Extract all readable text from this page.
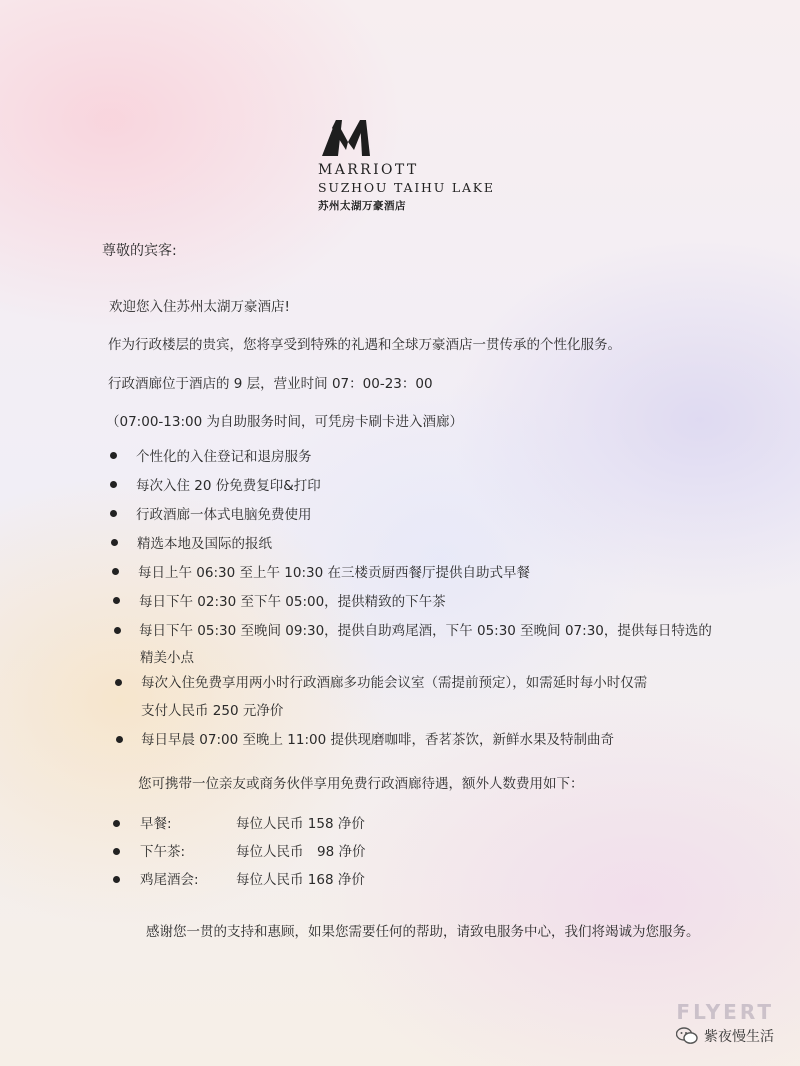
MARRIOTT
SUZHOU TAIHU LAKE
苏州太湖万豪酒店
尊敬的宾客:
欢迎您入住苏州太湖万豪酒店!
作为行政楼层的贵宾，您将享受到特殊的礼遇和全球万豪酒店一贯传承的个性化服务。
行政酒廊位于酒店的 9 层，营业时间 07：00-23：00
（07:00-13:00 为自助服务时间，可凭房卡刷卡进入酒廊）
个性化的入住登记和退房服务
每次入住 20 份免费复印&打印
行政酒廊一体式电脑免费使用
精选本地及国际的报纸
每日上午 06:30 至上午 10:30 在三楼贡厨西餐厅提供自助式早餐
每日下午 02:30 至下午 05:00，提供精致的下午茶
每日下午 05:30 至晚间 09:30，提供自助鸡尾酒，下午 05:30 至晚间 07:30，提供每日特选的
精美小点
每次入住免费享用两小时行政酒廊多功能会议室（需提前预定），如需延时每小时仅需
支付人民币 250 元净价
每日早晨 07:00 至晚上 11:00 提供现磨咖啡，香茗茶饮，新鲜水果及特制曲奇
您可携带一位亲友或商务伙伴享用免费行政酒廊待遇，额外人数费用如下：
早餐:	每位人民币 158 净价
下午茶:	每位人民币　98 净价
鸡尾酒会:	每位人民币 168 净价
感谢您一贯的支持和惠顾，如果您需要任何的帮助，请致电服务中心，我们将竭诚为您服务。
FLYERT
紫夜慢生活
